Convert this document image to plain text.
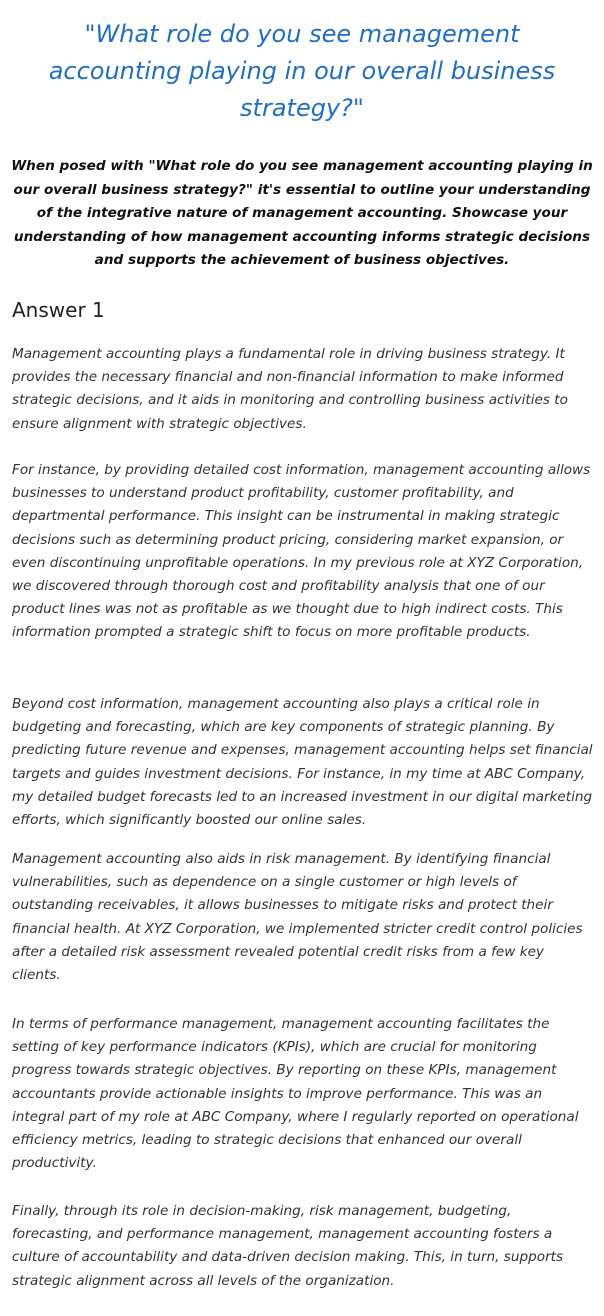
"What role do you see management accounting playing in our overall business strategy?"

When posed with "What role do you see management accounting playing in our overall business strategy?" it's essential to outline your understanding of the integrative nature of management accounting. Showcase your understanding of how management accounting informs strategic decisions and supports the achievement of business objectives.

Answer 1

Management accounting plays a fundamental role in driving business strategy. It provides the necessary financial and non-financial information to make informed strategic decisions, and it aids in monitoring and controlling business activities to ensure alignment with strategic objectives.

For instance, by providing detailed cost information, management accounting allows businesses to understand product profitability, customer profitability, and departmental performance. This insight can be instrumental in making strategic decisions such as determining product pricing, considering market expansion, or even discontinuing unprofitable operations. In my previous role at XYZ Corporation, we discovered through thorough cost and profitability analysis that one of our product lines was not as profitable as we thought due to high indirect costs. This information prompted a strategic shift to focus on more profitable products.

Beyond cost information, management accounting also plays a critical role in budgeting and forecasting, which are key components of strategic planning. By predicting future revenue and expenses, management accounting helps set financial targets and guides investment decisions. For instance, in my time at ABC Company, my detailed budget forecasts led to an increased investment in our digital marketing efforts, which significantly boosted our online sales.

Management accounting also aids in risk management. By identifying financial vulnerabilities, such as dependence on a single customer or high levels of outstanding receivables, it allows businesses to mitigate risks and protect their financial health. At XYZ Corporation, we implemented stricter credit control policies after a detailed risk assessment revealed potential credit risks from a few key clients.

In terms of performance management, management accounting facilitates the setting of key performance indicators (KPIs), which are crucial for monitoring progress towards strategic objectives. By reporting on these KPIs, management accountants provide actionable insights to improve performance. This was an integral part of my role at ABC Company, where I regularly reported on operational efficiency metrics, leading to strategic decisions that enhanced our overall productivity.

Finally, through its role in decision-making, risk management, budgeting, forecasting, and performance management, management accounting fosters a culture of accountability and data-driven decision making. This, in turn, supports strategic alignment across all levels of the organization.
